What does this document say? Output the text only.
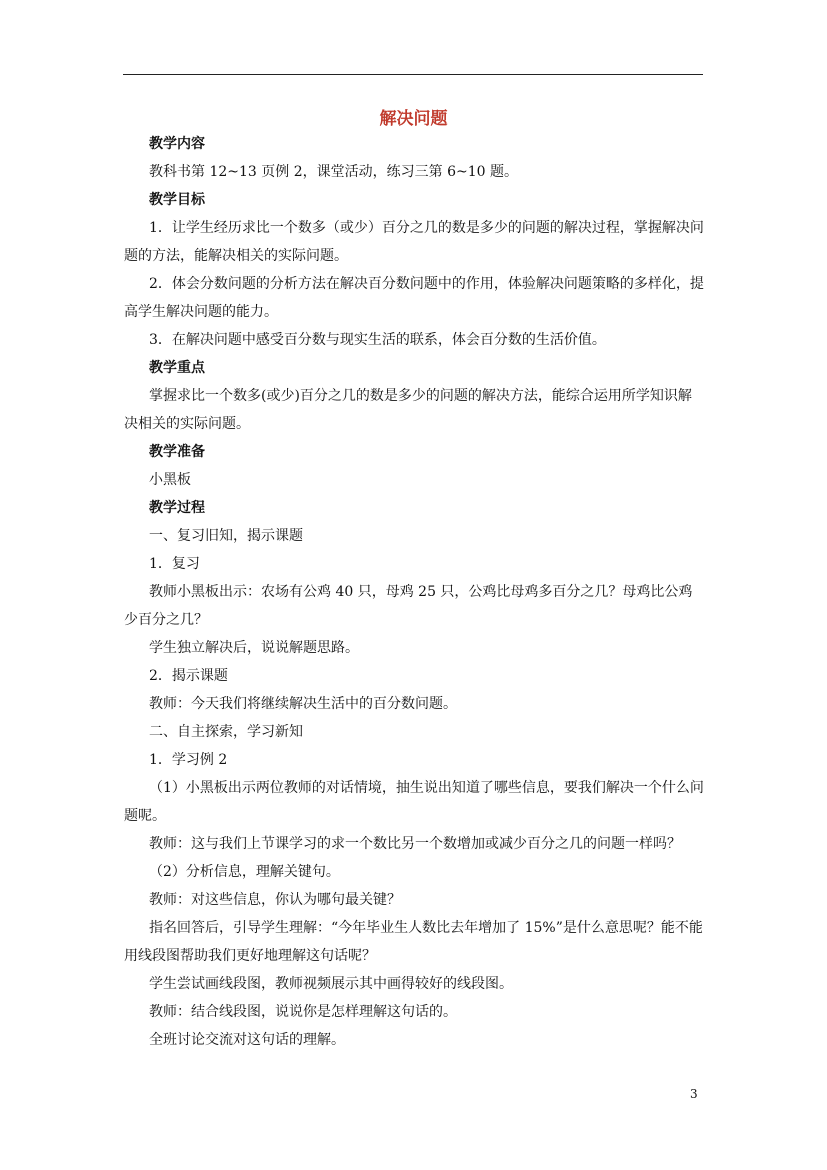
解决问题

教学内容

教科书第 12~13 页例 2，课堂活动，练习三第 6~10 题。

教学目标

1．让学生经历求比一个数多（或少）百分之几的数是多少的问题的解决过程，掌握解决问题的方法，能解决相关的实际问题。

2．体会分数问题的分析方法在解决百分数问题中的作用，体验解决问题策略的多样化，提高学生解决问题的能力。

3．在解决问题中感受百分数与现实生活的联系，体会百分数的生活价值。

教学重点

掌握求比一个数多(或少)百分之几的数是多少的问题的解决方法，能综合运用所学知识解决相关的实际问题。

教学准备

小黑板

教学过程

一、复习旧知，揭示课题

1．复习

教师小黑板出示：农场有公鸡 40 只，母鸡 25 只，公鸡比母鸡多百分之几？母鸡比公鸡少百分之几？

学生独立解决后，说说解题思路。

2．揭示课题

教师：今天我们将继续解决生活中的百分数问题。

二、自主探索，学习新知

1．学习例 2

（1）小黑板出示两位教师的对话情境，抽生说出知道了哪些信息，要我们解决一个什么问题呢。

教师：这与我们上节课学习的求一个数比另一个数增加或减少百分之几的问题一样吗？

（2）分析信息，理解关键句。

教师：对这些信息，你认为哪句最关键？

指名回答后，引导学生理解：“今年毕业生人数比去年增加了 15%”是什么意思呢？能不能用线段图帮助我们更好地理解这句话呢？

学生尝试画线段图，教师视频展示其中画得较好的线段图。

教师：结合线段图，说说你是怎样理解这句话的。

全班讨论交流对这句话的理解。

3
